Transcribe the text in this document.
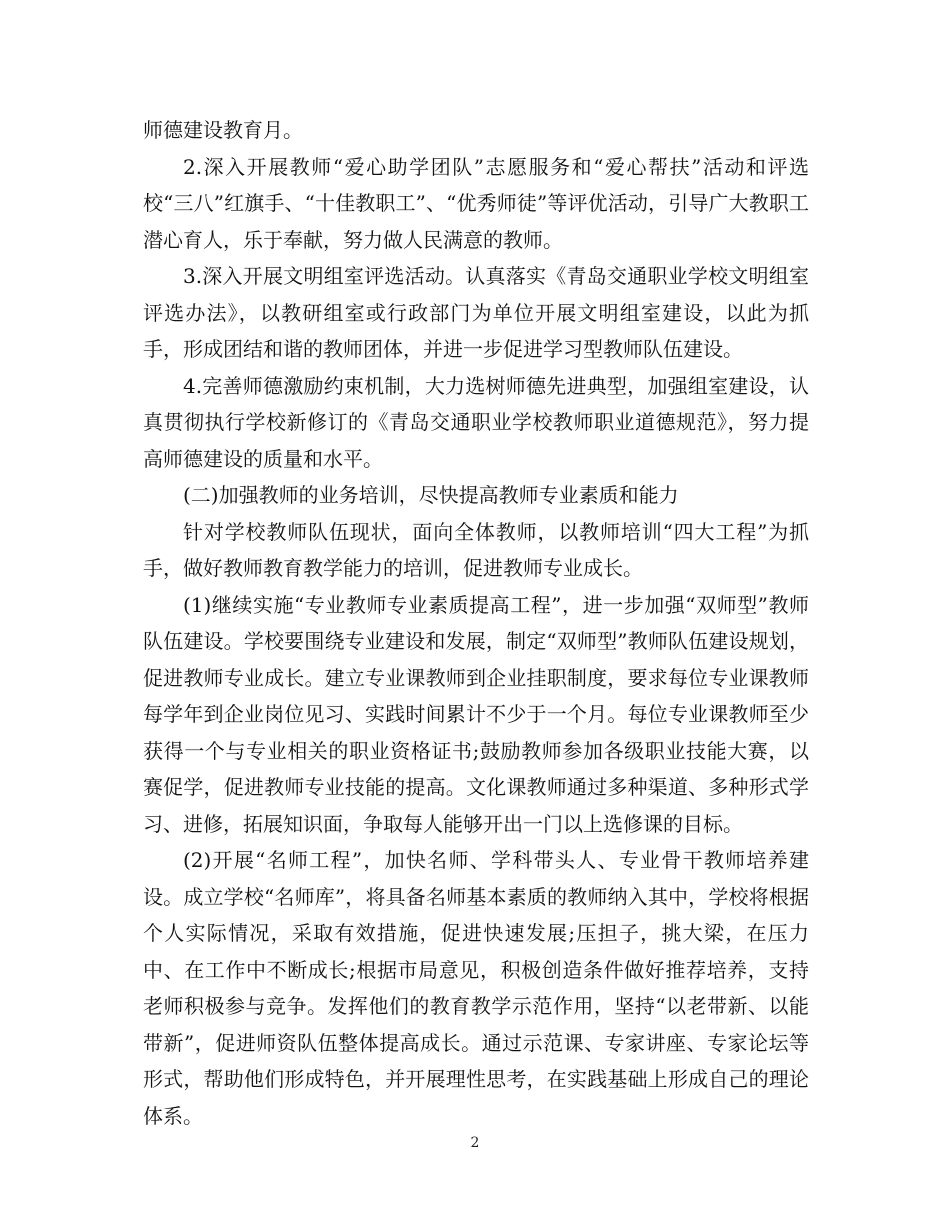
师德建设教育月。

2.深入开展教师“爱心助学团队”志愿服务和“爱心帮扶”活动和评选校“三八”红旗手、“十佳教职工”、“优秀师徒”等评优活动，引导广大教职工潜心育人，乐于奉献，努力做人民满意的教师。

3.深入开展文明组室评选活动。认真落实《青岛交通职业学校文明组室评选办法》，以教研组室或行政部门为单位开展文明组室建设，以此为抓手，形成团结和谐的教师团体，并进一步促进学习型教师队伍建设。

4.完善师德激励约束机制，大力选树师德先进典型，加强组室建设，认真贯彻执行学校新修订的《青岛交通职业学校教师职业道德规范》，努力提高师德建设的质量和水平。

(二)加强教师的业务培训，尽快提高教师专业素质和能力

针对学校教师队伍现状，面向全体教师，以教师培训“四大工程”为抓手，做好教师教育教学能力的培训，促进教师专业成长。

(1)继续实施“专业教师专业素质提高工程”，进一步加强“双师型”教师队伍建设。学校要围绕专业建设和发展，制定“双师型”教师队伍建设规划，促进教师专业成长。建立专业课教师到企业挂职制度，要求每位专业课教师每学年到企业岗位见习、实践时间累计不少于一个月。每位专业课教师至少获得一个与专业相关的职业资格证书;鼓励教师参加各级职业技能大赛，以赛促学，促进教师专业技能的提高。文化课教师通过多种渠道、多种形式学习、进修，拓展知识面，争取每人能够开出一门以上选修课的目标。

(2)开展“名师工程”，加快名师、学科带头人、专业骨干教师培养建设。成立学校“名师库”，将具备名师基本素质的教师纳入其中，学校将根据个人实际情况，采取有效措施，促进快速发展;压担子，挑大梁，在压力中、在工作中不断成长;根据市局意见，积极创造条件做好推荐培养，支持老师积极参与竞争。发挥他们的教育教学示范作用，坚持“以老带新、以能带新”，促进师资队伍整体提高成长。通过示范课、专家讲座、专家论坛等形式，帮助他们形成特色，并开展理性思考，在实践基础上形成自己的理论体系。

2
